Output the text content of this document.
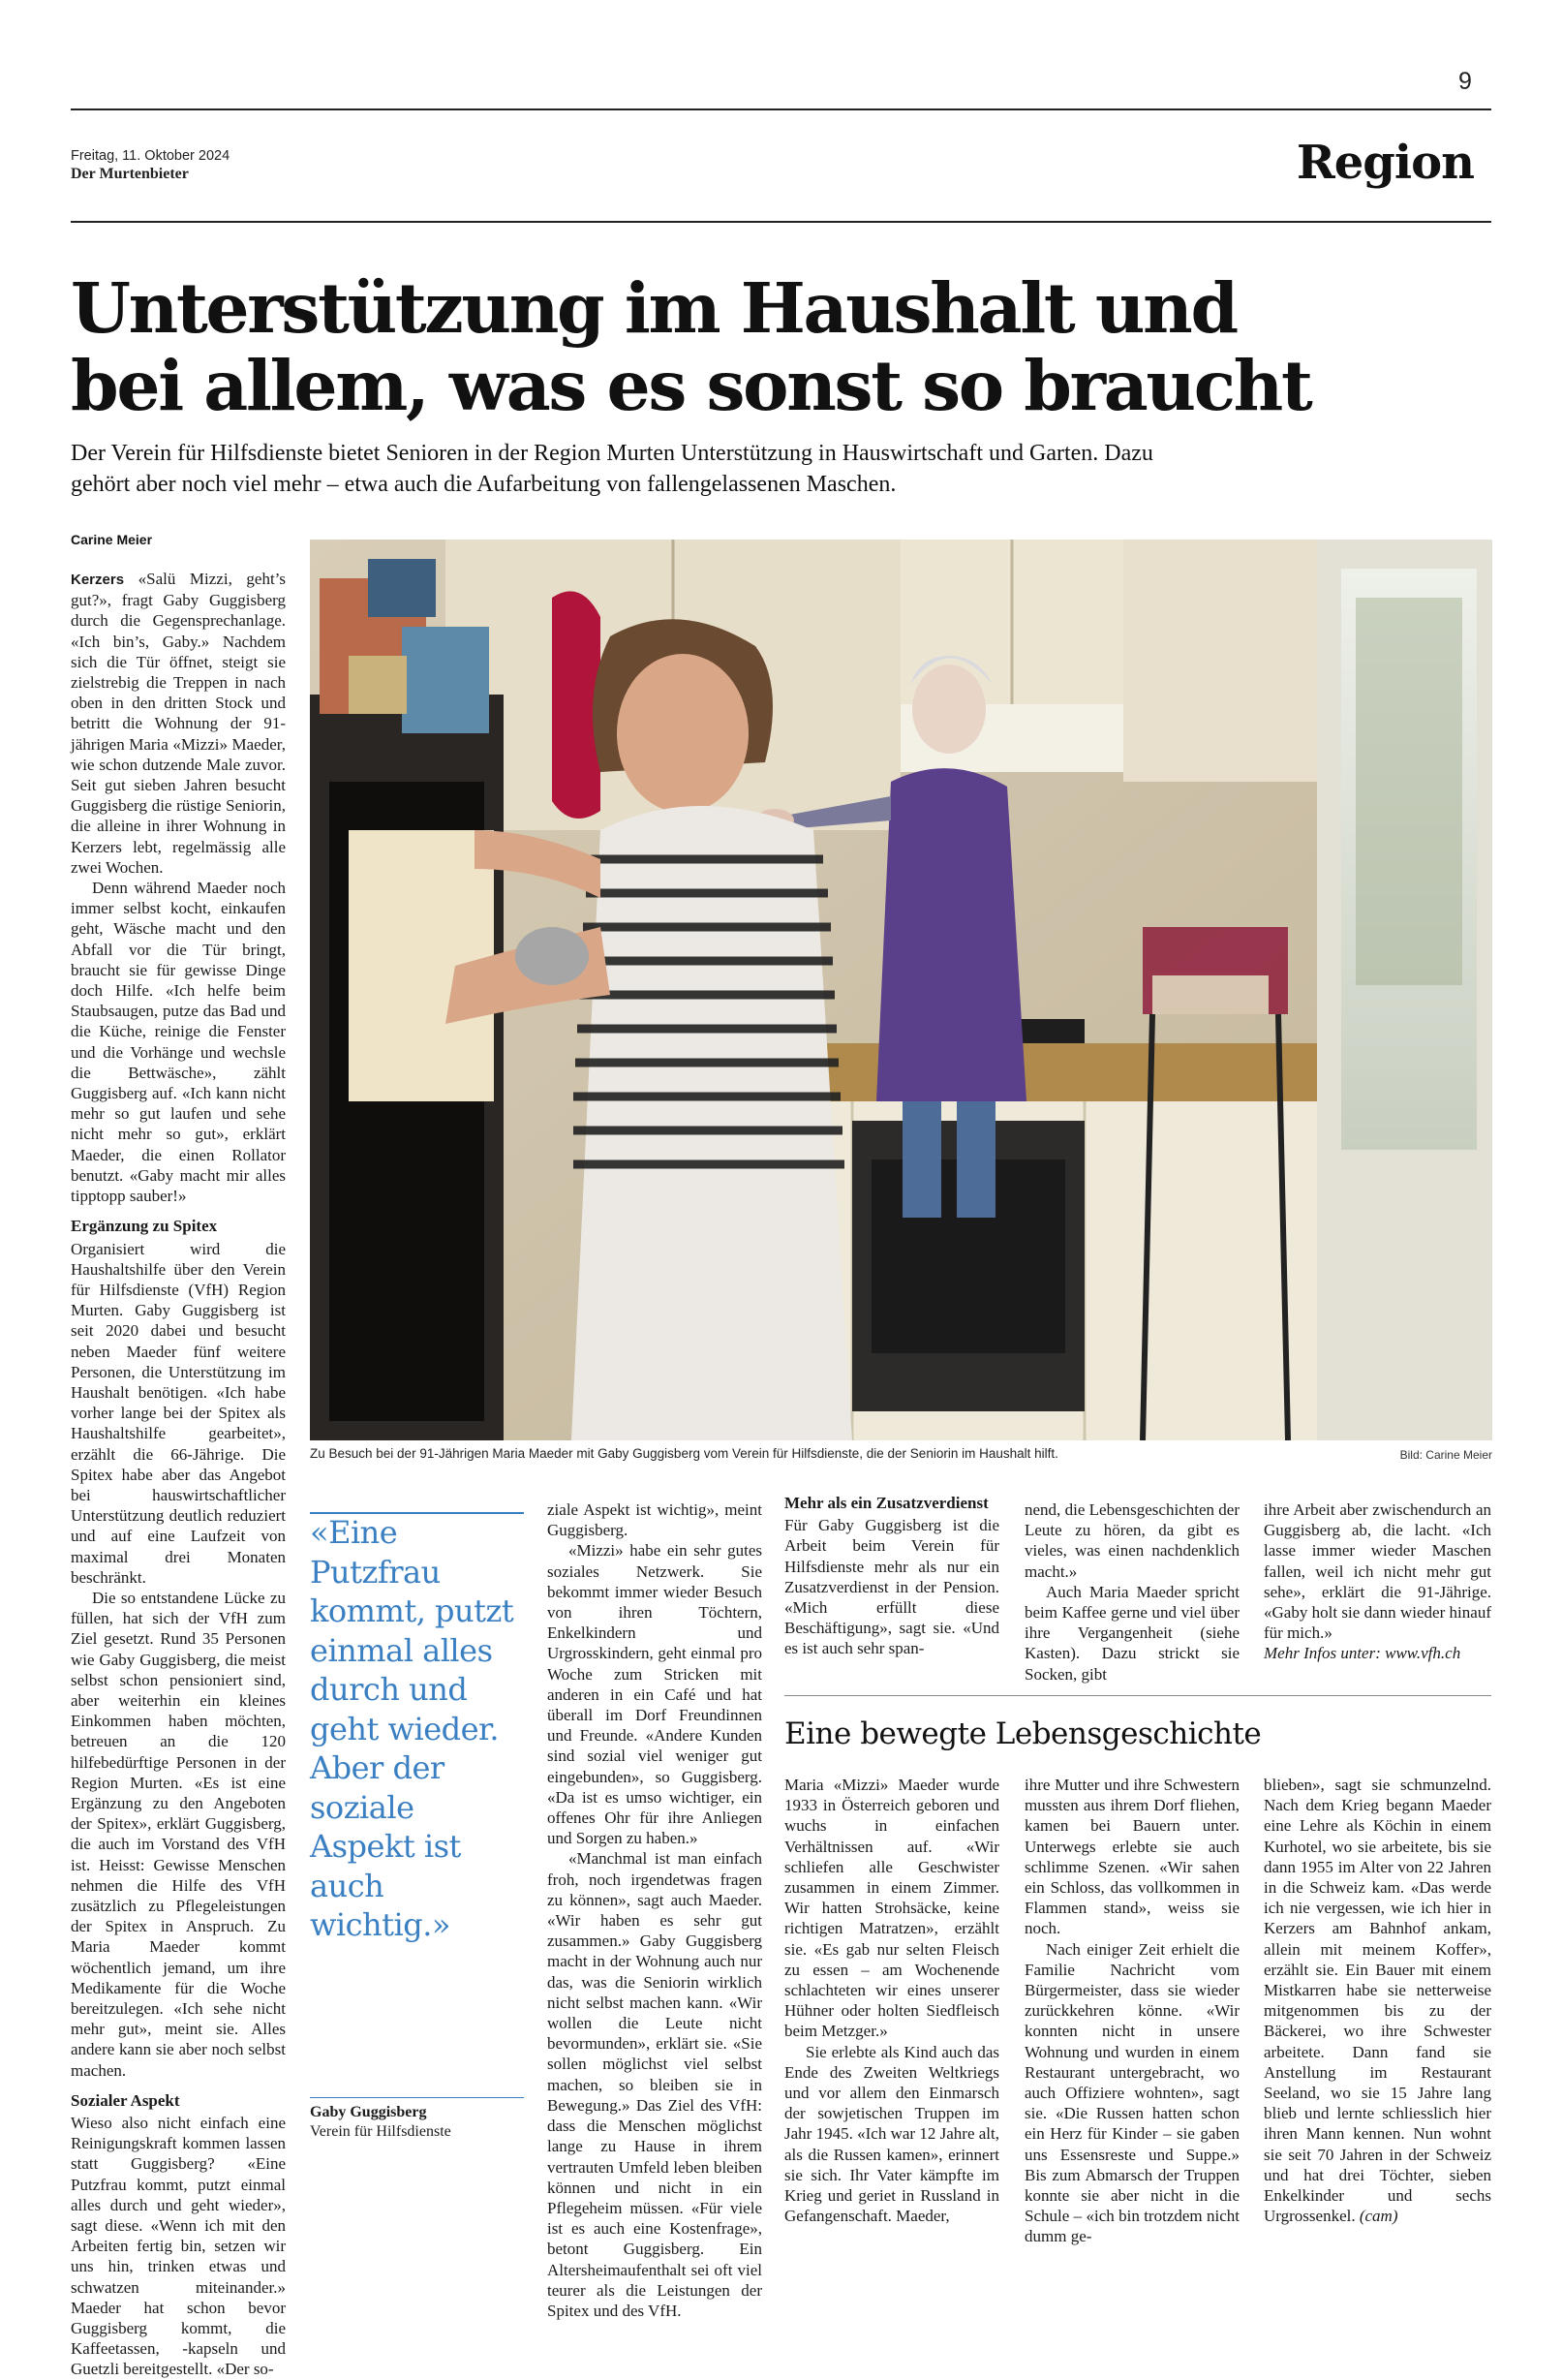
9
Freitag, 11. Oktober 2024
Der Murtenbieter	Region
Unterstützung im Haushalt und
bei allem, was es sonst so braucht
Der Verein für Hilfsdienste bietet Senioren in der Region Murten Unterstützung in Hauswirtschaft und Garten. Dazu gehört aber noch viel mehr – etwa auch die Aufarbeitung von fallengelassenen Maschen.
Carine Meier

Kerzers «Salü Mizzi, geht’s gut?», fragt Gaby Guggisberg durch die Gegensprechanlage. «Ich bin’s, Gaby.» Nachdem sich die Tür öffnet, steigt sie zielstrebig die Treppen in nach oben in den dritten Stock und betritt die Wohnung der 91-jährigen Maria «Mizzi» Maeder, wie schon dutzende Male zuvor. Seit gut sieben Jahren besucht Guggisberg die rüstige Seniorin, die alleine in ihrer Wohnung in Kerzers lebt, regelmässig alle zwei Wochen.

Denn während Maeder noch immer selbst kocht, einkaufen geht, Wäsche macht und den Abfall vor die Tür bringt, braucht sie für gewisse Dinge doch Hilfe. «Ich helfe beim Staubsaugen, putze das Bad und die Küche, reinige die Fenster und die Vorhänge und wechsle die Bettwäsche», zählt Guggisberg auf. «Ich kann nicht mehr so gut laufen und sehe nicht mehr so gut», erklärt Maeder, die einen Rollator benutzt. «Gaby macht mir alles tipptopp sauber!»

Ergänzung zu Spitex

Organisiert wird die Haushaltshilfe über den Verein für Hilfsdienste (VfH) Region Murten. Gaby Guggisberg ist seit 2020 dabei und besucht neben Maeder fünf weitere Personen, die Unterstützung im Haushalt benötigen. «Ich habe vorher lange bei der Spitex als Haushaltshilfe gearbeitet», erzählt die 66-Jährige. Die Spitex habe aber das Angebot bei hauswirtschaftlicher Unterstützung deutlich reduziert und auf eine Laufzeit von maximal drei Monaten beschränkt.

Die so entstandene Lücke zu füllen, hat sich der VfH zum Ziel gesetzt. Rund 35 Personen wie Gaby Guggisberg, die meist selbst schon pensioniert sind, aber weiterhin ein kleines Einkommen haben möchten, betreuen an die 120 hilfebedürftige Personen in der Region Murten. «Es ist eine Ergänzung zu den Angeboten der Spitex», erklärt Guggisberg, die auch im Vorstand des VfH ist. Heisst: Gewisse Menschen nehmen die Hilfe des VfH zusätzlich zu Pflegeleistungen der Spitex in Anspruch. Zu Maria Maeder kommt wöchentlich jemand, um ihre Medikamente für die Woche bereitzulegen. «Ich sehe nicht mehr gut», meint sie. Alles andere kann sie aber noch selbst machen.

Sozialer Aspekt

Wieso also nicht einfach eine Reinigungskraft kommen lassen statt Guggisberg? «Eine Putzfrau kommt, putzt einmal alles durch und geht wieder», sagt diese. «Wenn ich mit den Arbeiten fertig bin, setzen wir uns hin, trinken etwas und schwatzen miteinander.» Maeder hat schon bevor Guggisberg kommt, die Kaffeetassen, -kapseln und Guetzli bereitgestellt. «Der so-

Zu Besuch bei der 91-Jährigen Maria Maeder mit Gaby Guggisberg vom Verein für Hilfsdienste, die der Seniorin im Haushalt hilft.	Bild: Carine Meier
«Eine Putzfrau kommt, putzt einmal alles durch und geht wieder. Aber der soziale Aspekt ist auch wichtig.»
Gaby Guggisberg
Verein für Hilfsdienste

ziale Aspekt ist wichtig», meint Guggisberg.

«Mizzi» habe ein sehr gutes soziales Netzwerk. Sie bekommt immer wieder Besuch von ihren Töchtern, Enkelkindern und Urgrosskindern, geht einmal pro Woche zum Stricken mit anderen in ein Café und hat überall im Dorf Freundinnen und Freunde. «Andere Kunden sind sozial viel weniger gut eingebunden», so Guggisberg. «Da ist es umso wichtiger, ein offenes Ohr für ihre Anliegen und Sorgen zu haben.»

«Manchmal ist man einfach froh, noch irgendetwas fragen zu können», sagt auch Maeder. «Wir haben es sehr gut zusammen.» Gaby Guggisberg macht in der Wohnung auch nur das, was die Seniorin wirklich nicht selbst machen kann. «Wir wollen die Leute nicht bevormunden», erklärt sie. «Sie sollen möglichst viel selbst machen, so bleiben sie in Bewegung.» Das Ziel des VfH: dass die Menschen möglichst lange zu Hause in ihrem vertrauten Umfeld leben bleiben können und nicht in ein Pflegeheim müssen. «Für viele ist es auch eine Kostenfrage», betont Guggisberg. Ein Altersheimaufenthalt sei oft viel teurer als die Leistungen der Spitex und des VfH.

Mehr als ein Zusatzverdienst

Für Gaby Guggisberg ist die Arbeit beim Verein für Hilfsdienste mehr als nur ein Zusatzverdienst in der Pension. «Mich erfüllt diese Beschäftigung», sagt sie. «Und es ist auch sehr span-

nend, die Lebensgeschichten der Leute zu hören, da gibt es vieles, was einen nachdenklich macht.»

Auch Maria Maeder spricht beim Kaffee gerne und viel über ihre Vergangenheit (siehe Kasten). Dazu strickt sie Socken, gibt

ihre Arbeit aber zwischendurch an Guggisberg ab, die lacht. «Ich lasse immer wieder Maschen fallen, weil ich nicht mehr gut sehe», erklärt die 91-Jährige. «Gaby holt sie dann wieder hinauf für mich.»

Mehr Infos unter: www.vfh.ch

Eine bewegte Lebensgeschichte

Maria «Mizzi» Maeder wurde 1933 in Österreich geboren und wuchs in einfachen Verhältnissen auf. «Wir schliefen alle Geschwister zusammen in einem Zimmer. Wir hatten Strohsäcke, keine richtigen Matratzen», erzählt sie. «Es gab nur selten Fleisch zu essen – am Wochenende schlachteten wir eines unserer Hühner oder holten Siedfleisch beim Metzger.»

Sie erlebte als Kind auch das Ende des Zweiten Weltkriegs und vor allem den Einmarsch der sowjetischen Truppen im Jahr 1945. «Ich war 12 Jahre alt, als die Russen kamen», erinnert sie sich. Ihr Vater kämpfte im Krieg und geriet in Russland in Gefangenschaft. Maeder,

ihre Mutter und ihre Schwestern mussten aus ihrem Dorf fliehen, kamen bei Bauern unter. Unterwegs erlebte sie auch schlimme Szenen. «Wir sahen ein Schloss, das vollkommen in Flammen stand», weiss sie noch.

Nach einiger Zeit erhielt die Familie Nachricht vom Bürgermeister, dass sie wieder zurückkehren könne. «Wir konnten nicht in unsere Wohnung und wurden in einem Restaurant untergebracht, wo auch Offiziere wohnten», sagt sie. «Die Russen hatten schon ein Herz für Kinder – sie gaben uns Essensreste und Suppe.» Bis zum Abmarsch der Truppen konnte sie aber nicht in die Schule – «ich bin trotzdem nicht dumm ge-

blieben», sagt sie schmunzelnd. Nach dem Krieg begann Maeder eine Lehre als Köchin in einem Kurhotel, wo sie arbeitete, bis sie dann 1955 im Alter von 22 Jahren in die Schweiz kam. «Das werde ich nie vergessen, wie ich hier in Kerzers am Bahnhof ankam, allein mit meinem Koffer», erzählt sie. Ein Bauer mit einem Mistkarren habe sie netterweise mitgenommen bis zu der Bäckerei, wo ihre Schwester arbeitete. Dann fand sie Anstellung im Restaurant Seeland, wo sie 15 Jahre lang blieb und lernte schliesslich hier ihren Mann kennen. Nun wohnt sie seit 70 Jahren in der Schweiz und hat drei Töchter, sieben Enkelkinder und sechs Urgrossenkel. (cam)
